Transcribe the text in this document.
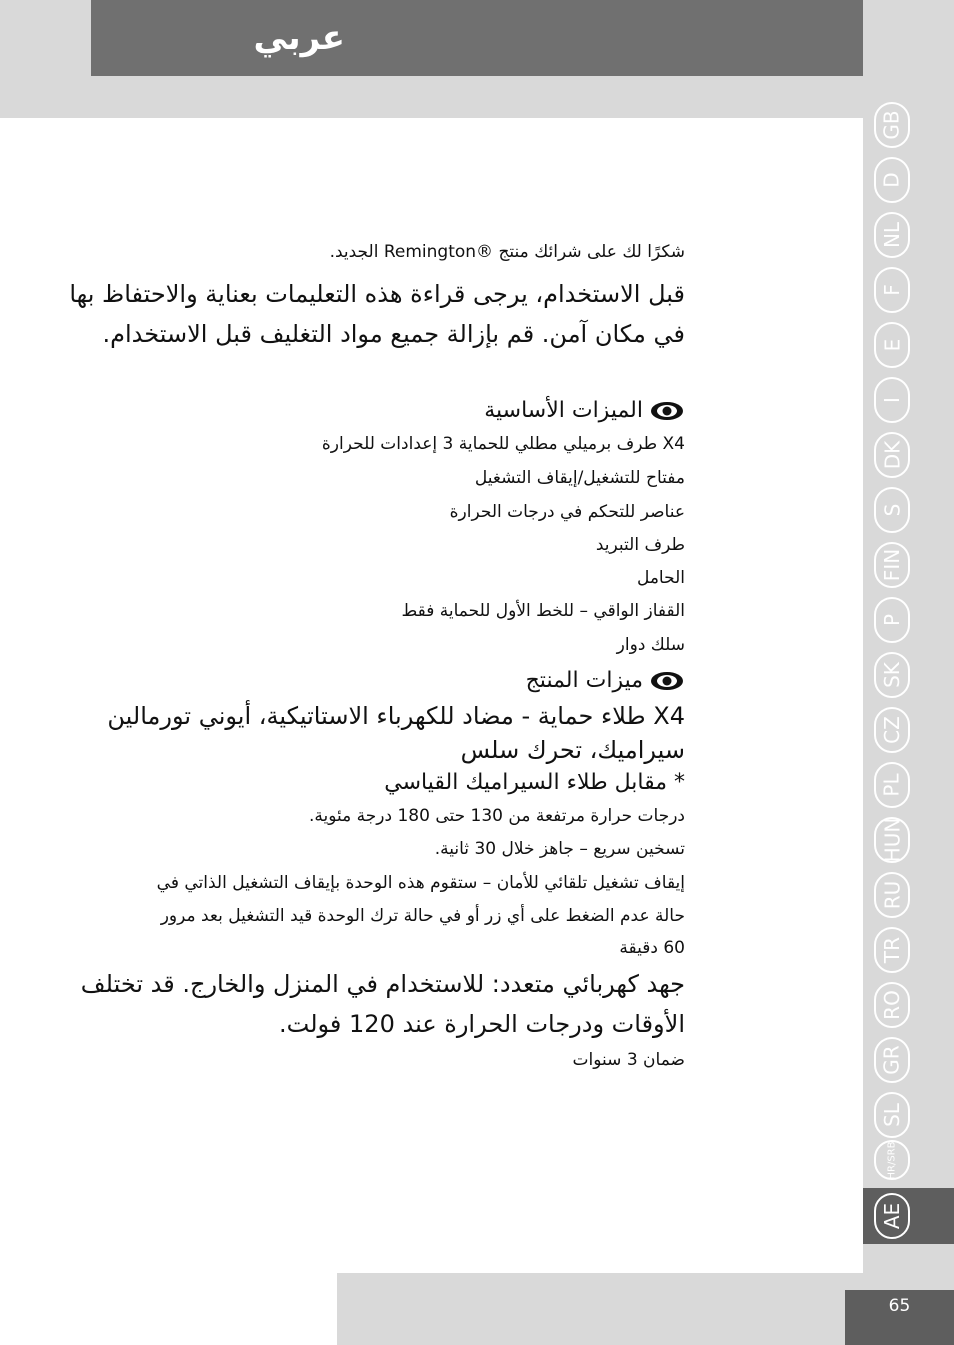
عربي
شكرًا لك على شرائك منتج ®Remington الجديد.
قبل الاستخدام، يرجى قراءة هذه التعليمات بعناية والاحتفاظ بها
في مكان آمن. قم بإزالة جميع مواد التغليف قبل الاستخدام.
الميزات الأساسية
X4 طرف برميلي مطلي للحماية 3 إعدادات للحرارة
مفتاح للتشغيل/إيقاف التشغيل
عناصر للتحكم في درجات الحرارة
طرف التبريد
الحامل
القفاز الواقي – للخط الأول للحماية فقط
سلك دوار
ميزات المنتج
X4 طلاء حماية - مضاد للكهرباء الاستاتيكية، أيوني تورمالين
سيراميك، تحرك سلس
* مقابل طلاء السيراميك القياسي
درجات حرارة مرتفعة من 130 حتى 180 درجة مئوية.
تسخين سريع – جاهز خلال 30 ثانية.
إيقاف تشغيل تلقائي للأمان – ستقوم هذه الوحدة بإيقاف التشغيل الذاتي في
حالة عدم الضغط على أي زر أو في حالة ترك الوحدة قيد التشغيل بعد مرور
60 دقيقة
جهد كهربائي متعدد: للاستخدام في المنزل والخارج. قد تختلف
الأوقات ودرجات الحرارة عند 120 فولت.
ضمان 3 سنوات
GB
D
NL
F
E
I
DK
S
FIN
P
SK
CZ
PL
HUN
RU
TR
RO
GR
SL
HR/SRB
AE
65
